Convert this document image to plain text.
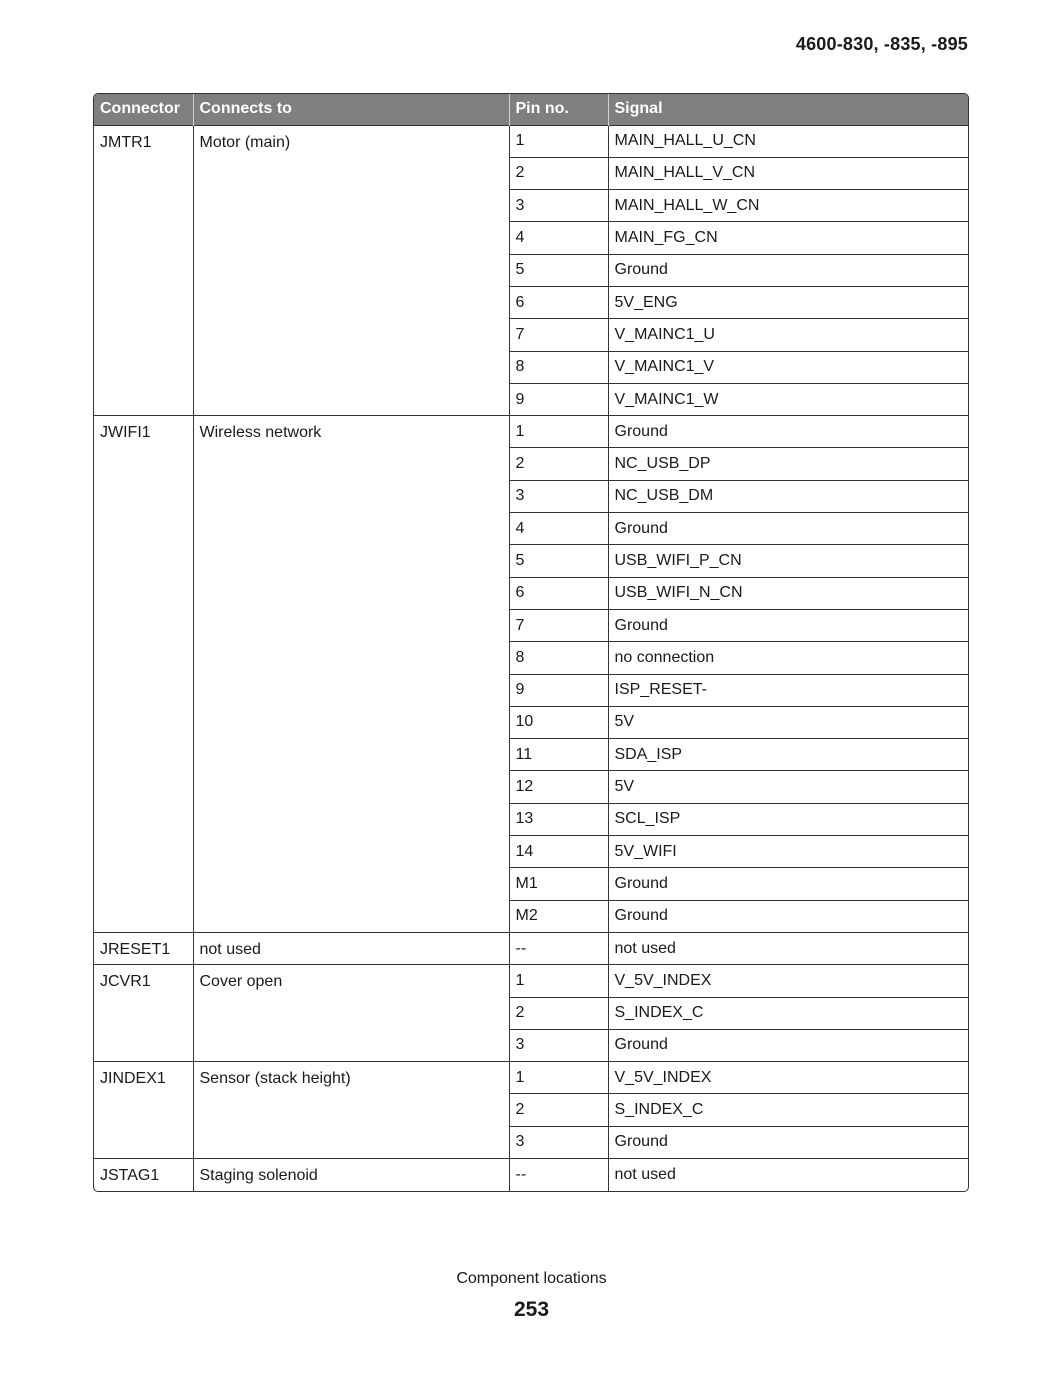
4600-830, -835, -895
Connector	Connects to	Pin no.	Signal
JMTR1	Motor (main)	1	MAIN_HALL_U_CN
		2	MAIN_HALL_V_CN
		3	MAIN_HALL_W_CN
		4	MAIN_FG_CN
		5	Ground
		6	5V_ENG
		7	V_MAINC1_U
		8	V_MAINC1_V
		9	V_MAINC1_W
JWIFI1	Wireless network	1	Ground
		2	NC_USB_DP
		3	NC_USB_DM
		4	Ground
		5	USB_WIFI_P_CN
		6	USB_WIFI_N_CN
		7	Ground
		8	no connection
		9	ISP_RESET-
		10	5V
		11	SDA_ISP
		12	5V
		13	SCL_ISP
		14	5V_WIFI
		M1	Ground
		M2	Ground
JRESET1	not used	--	not used
JCVR1	Cover open	1	V_5V_INDEX
		2	S_INDEX_C
		3	Ground
JINDEX1	Sensor (stack height)	1	V_5V_INDEX
		2	S_INDEX_C
		3	Ground
JSTAG1	Staging solenoid	--	not used
Component locations
253
